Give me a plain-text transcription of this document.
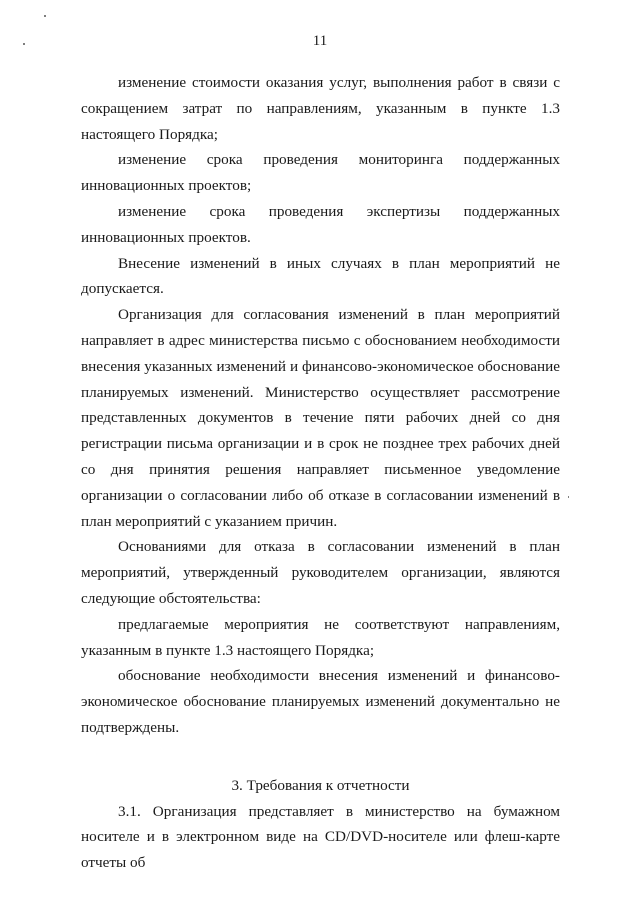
11

изменение стоимости оказания услуг, выполнения работ в связи с сокращением затрат по направлениям, указанным в пункте 1.3 настоящего Порядка;

изменение срока проведения мониторинга поддержанных инновационных проектов;

изменение срока проведения экспертизы поддержанных инновационных проектов.

Внесение изменений в иных случаях в план мероприятий не допускается.

Организация для согласования изменений в план мероприятий направляет в адрес министерства письмо с обоснованием необходимости внесения указанных изменений и финансово-экономическое обоснование планируемых изменений. Министерство осуществляет рассмотрение представленных документов в течение пяти рабочих дней со дня регистрации письма организации и в срок не позднее трех рабочих дней со дня принятия решения направляет письменное уведомление организации о согласовании либо об отказе в согласовании изменений в план мероприятий с указанием причин.

Основаниями для отказа в согласовании изменений в план мероприятий, утвержденный руководителем организации, являются следующие обстоятельства:

предлагаемые мероприятия не соответствуют направлениям, указанным в пункте 1.3 настоящего Порядка;

обоснование необходимости внесения изменений и финансово-экономическое обоснование планируемых изменений документально не подтверждены.

3. Требования к отчетности

3.1. Организация представляет в министерство на бумажном носителе и в электронном виде на CD/DVD-носителе или флеш-карте отчеты об
